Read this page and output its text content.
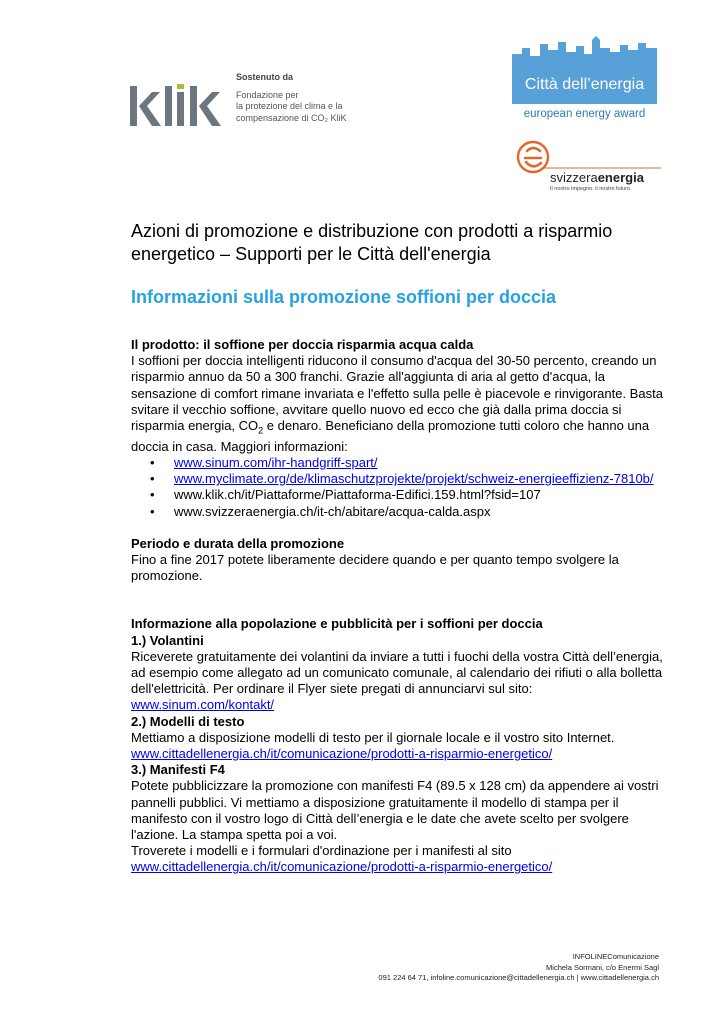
Sostenuto da
Fondazione per
la protezione del clima e la
compensazione di CO₂ KliK
Città dell’energia
european energy award
svizzeraenergia
Il nostro impegno: il nostro futuro.
Azioni di promozione e distribuzione con prodotti a risparmio energetico – Supporti per le Città dell'energia
Informazioni sulla promozione soffioni per doccia

Il prodotto: il soffione per doccia risparmia acqua calda

I soffioni per doccia intelligenti riducono il consumo d'acqua del 30-50 percento, creando un risparmio annuo da 50 a 300 franchi. Grazie all'aggiunta di aria al getto d'acqua, la sensazione di comfort rimane invariata e l'effetto sulla pelle è piacevole e rinvigorante. Basta svitare il vecchio soffione, avvitare quello nuovo ed ecco che già dalla prima doccia si risparmia energia, $CO_2$ e denaro. Beneficiano della promozione tutti coloro che hanno una doccia in casa. Maggiori informazioni:

• www.sinum.com/ihr-handgriff-spart/
• www.myclimate.org/de/klimaschutzprojekte/projekt/schweiz-energieeffizienz-7810b/
• www.klik.ch/it/Piattaforme/Piattaforma-Edifici.159.html?fsid=107
• www.svizzeraenergia.ch/it-ch/abitare/acqua-calda.aspx

Periodo e durata della promozione

Fino a fine 2017 potete liberamente decidere quando e per quanto tempo svolgere la promozione.

Informazione alla popolazione e pubblicità per i soffioni per doccia

1.) Volantini

Riceverete gratuitamente dei volantini da inviare a tutti i fuochi della vostra Città dell’energia, ad esempio come allegato ad un comunicato comunale, al calendario dei rifiuti o alla bolletta dell'elettricità. Per ordinare il Flyer siete pregati di annunciarvi sul sito: www.sinum.com/kontakt/

2.) Modelli di testo

Mettiamo a disposizione modelli di testo per il giornale locale e il vostro sito Internet.

www.cittadellenergia.ch/it/comunicazione/prodotti-a-risparmio-energetico/

3.) Manifesti F4

Potete pubblicizzare la promozione con manifesti F4 (89.5 x 128 cm) da appendere ai vostri pannelli pubblici. Vi mettiamo a disposizione gratuitamente il modello di stampa per il manifesto con il vostro logo di Città dell’energia e le date che avete scelto per svolgere l'azione. La stampa spetta poi a voi.

Troverete i modelli e i formulari d'ordinazione per i manifesti al sito

www.cittadellenergia.ch/it/comunicazione/prodotti-a-risparmio-energetico/

INFOLINEComunicazione
Michela Sormani, c/o Enermi Sagl
091 224 64 71, infoline.comunicazione@cittadellenergia.ch | www.cittadellenergia.ch
